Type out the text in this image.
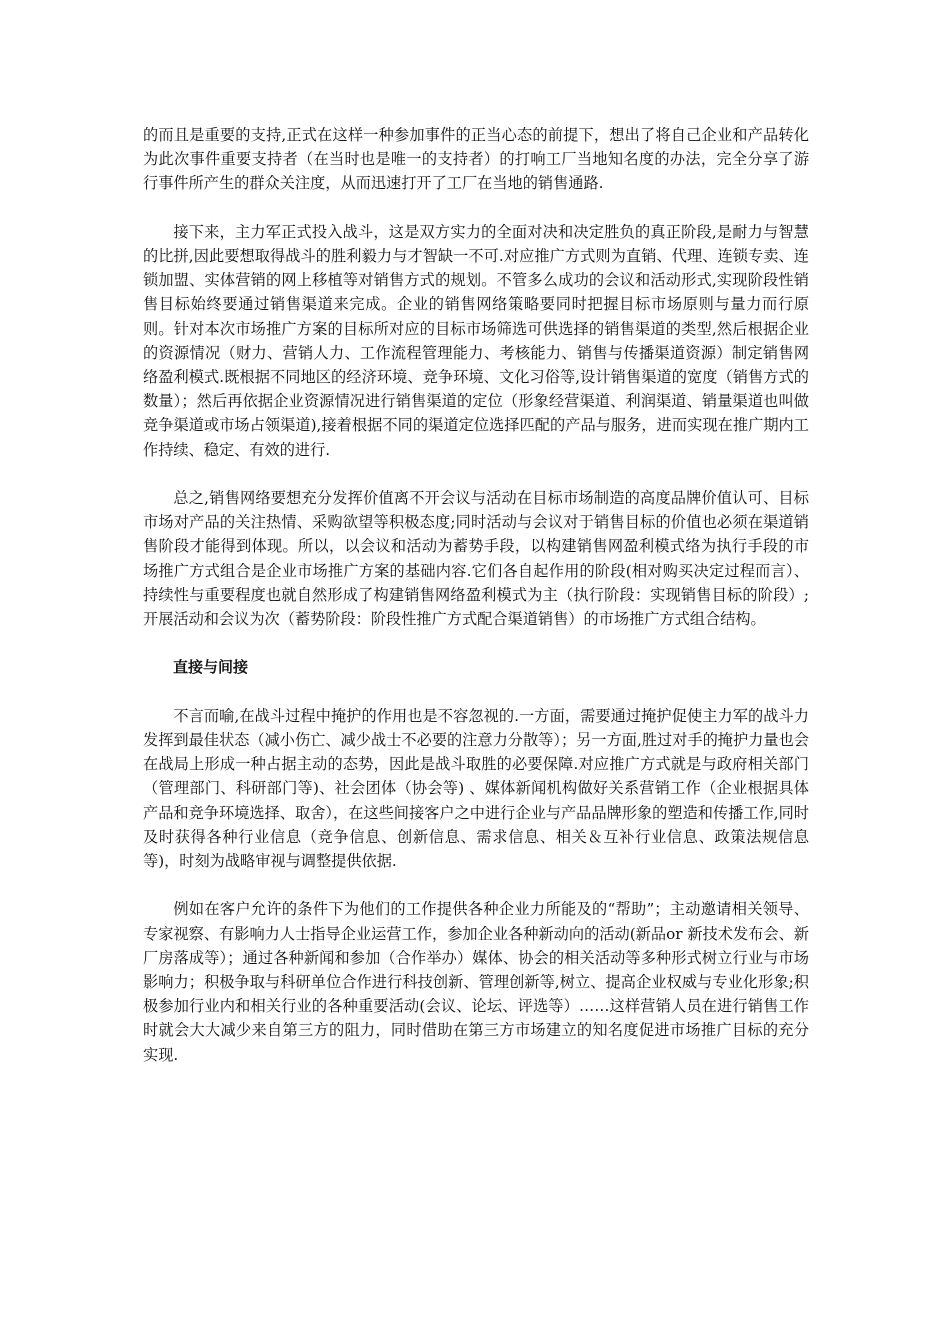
的而且是重要的支持,正式在这样一种参加事件的正当心态的前提下，想出了将自己企业和产品转化为此次事件重要支持者（在当时也是唯一的支持者）的打响工厂当地知名度的办法，完全分享了游行事件所产生的群众关注度，从而迅速打开了工厂在当地的销售通路.

接下来，主力军正式投入战斗，这是双方实力的全面对决和决定胜负的真正阶段,是耐力与智慧的比拼,因此要想取得战斗的胜利毅力与才智缺一不可.对应推广方式则为直销、代理、连锁专卖、连锁加盟、实体营销的网上移植等对销售方式的规划。不管多么成功的会议和活动形式,实现阶段性销售目标始终要通过销售渠道来完成。企业的销售网络策略要同时把握目标市场原则与量力而行原则。针对本次市场推广方案的目标所对应的目标市场筛选可供选择的销售渠道的类型,然后根据企业的资源情况（财力、营销人力、工作流程管理能力、考核能力、销售与传播渠道资源）制定销售网络盈利模式.既根据不同地区的经济环境、竞争环境、文化习俗等,设计销售渠道的宽度（销售方式的数量）；然后再依据企业资源情况进行销售渠道的定位（形象经营渠道、利润渠道、销量渠道也叫做竞争渠道或市场占领渠道),接着根据不同的渠道定位选择匹配的产品与服务，进而实现在推广期内工作持续、稳定、有效的进行.

总之,销售网络要想充分发挥价值离不开会议与活动在目标市场制造的高度品牌价值认可、目标市场对产品的关注热情、采购欲望等积极态度;同时活动与会议对于销售目标的价值也必须在渠道销售阶段才能得到体现。所以，以会议和活动为蓄势手段，以构建销售网盈利模式络为执行手段的市场推广方式组合是企业市场推广方案的基础内容.它们各自起作用的阶段(相对购买决定过程而言）、持续性与重要程度也就自然形成了构建销售网络盈利模式为主（执行阶段：实现销售目标的阶段）;开展活动和会议为次（蓄势阶段：阶段性推广方式配合渠道销售）的市场推广方式组合结构。

直接与间接

不言而喻,在战斗过程中掩护的作用也是不容忽视的.一方面，需要通过掩护促使主力军的战斗力发挥到最佳状态（减小伤亡、减少战士不必要的注意力分散等）；另一方面,胜过对手的掩护力量也会在战局上形成一种占据主动的态势，因此是战斗取胜的必要保障.对应推广方式就是与政府相关部门（管理部门、科研部门等)、社会团体（协会等) 、媒体新闻机构做好关系营销工作（企业根据具体产品和竞争环境选择、取舍），在这些间接客户之中进行企业与产品品牌形象的塑造和传播工作,同时及时获得各种行业信息（竞争信息、创新信息、需求信息、相关＆互补行业信息、政策法规信息等)，时刻为战略审视与调整提供依据.

例如在客户允许的条件下为他们的工作提供各种企业力所能及的“帮助”；主动邀请相关领导、专家视察、有影响力人士指导企业运营工作，参加企业各种新动向的活动(新品or 新技术发布会、新厂房落成等）；通过各种新闻和参加（合作举办）媒体、协会的相关活动等多种形式树立行业与市场影响力；积极争取与科研单位合作进行科技创新、管理创新等,树立、提高企业权威与专业化形象;积极参加行业内和相关行业的各种重要活动(会议、论坛、评选等）……这样营销人员在进行销售工作时就会大大减少来自第三方的阻力，同时借助在第三方市场建立的知名度促进市场推广目标的充分实现.
